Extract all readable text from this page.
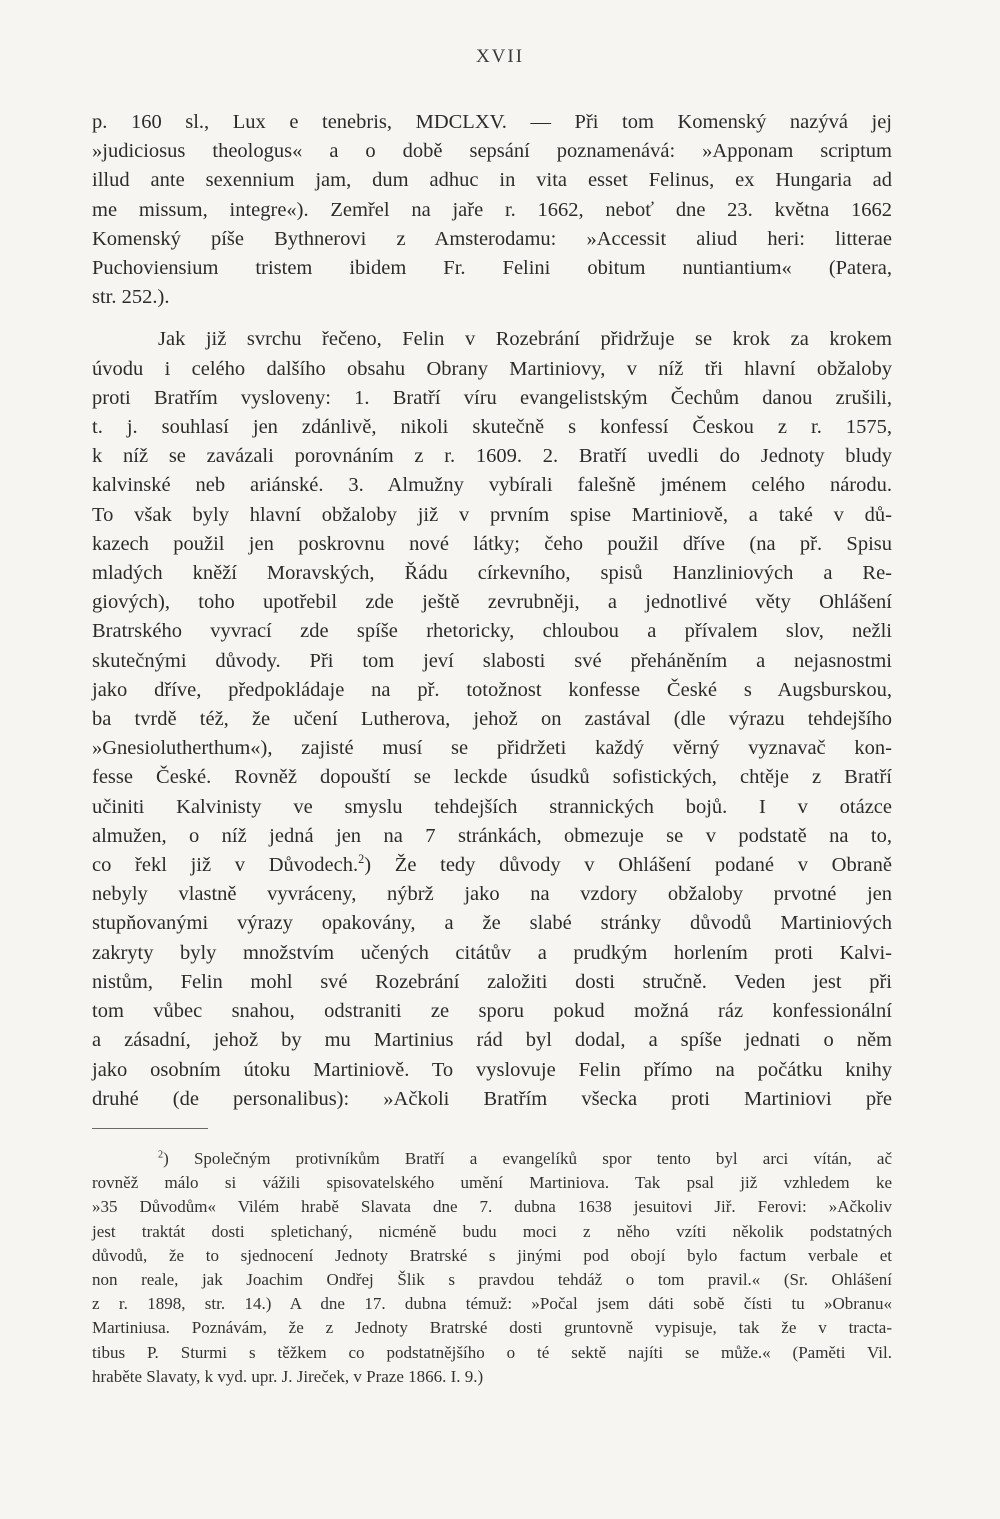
XVII
p. 160 sl., Lux e tenebris, MDCLXV. — Při tom Komenský nazývá jej
»judiciosus theologus« a o době sepsání poznamenává: »Apponam scriptum
illud ante sexennium jam, dum adhuc in vita esset Felinus, ex Hungaria ad
me missum, integre«). Zemřel na jaře r. 1662, neboť dne 23. května 1662
Komenský píše Bythnerovi z Amsterodamu: »Accessit aliud heri: litterae
Puchoviensium tristem ibidem Fr. Felini obitum nuntiantium« (Patera,
str. 252.).
Jak již svrchu řečeno, Felin v Rozebrání přidržuje se krok za krokem
úvodu i celého dalšího obsahu Obrany Martiniovy, v níž tři hlavní obžaloby
proti Bratřím vysloveny: 1. Bratří víru evangelistským Čechům danou zrušili,
t. j. souhlasí jen zdánlivě, nikoli skutečně s konfessí Českou z r. 1575,
k níž se zavázali porovnáním z r. 1609. 2. Bratří uvedli do Jednoty bludy
kalvinské neb ariánské. 3. Almužny vybírali falešně jménem celého národu.
To však byly hlavní obžaloby již v prvním spise Martiniově, a také v dů-
kazech použil jen poskrovnu nové látky; čeho použil dříve (na př. Spisu
mladých kněží Moravských, Řádu církevního, spisů Hanzliniových a Re-
giových), toho upotřebil zde ještě zevrubněji, a jednotlivé věty Ohlášení
Bratrského vyvrací zde spíše rhetoricky, chloubou a přívalem slov, nežli
skutečnými důvody. Při tom jeví slabosti své přeháněním a nejasnostmi
jako dříve, předpokládaje na př. totožnost konfesse České s Augsburskou,
ba tvrdě též, že učení Lutherova, jehož on zastával (dle výrazu tehdejšího
»Gnesiolutherthum«), zajisté musí se přidržeti každý věrný vyznavač kon-
fesse České. Rovněž dopouští se leckde úsudků sofistických, chtěje z Bratří
učiniti Kalvinisty ve smyslu tehdejších strannických bojů. I v otázce
almužen, o níž jedná jen na 7 stránkách, obmezuje se v podstatě na to,
co řekl již v Důvodech.$^2$) Že tedy důvody v Ohlášení podané v Obraně
nebyly vlastně vyvráceny, nýbrž jako na vzdory obžaloby prvotné jen
stupňovanými výrazy opakovány, a že slabé stránky důvodů Martiniových
zakryty byly množstvím učených citátův a prudkým horlením proti Kalvi-
nistům, Felin mohl své Rozebrání založiti dosti stručně. Veden jest při
tom vůbec snahou, odstraniti ze sporu pokud možná ráz konfessionální
a zásadní, jehož by mu Martinius rád byl dodal, a spíše jednati o něm
jako osobním útoku Martiniově. To vyslovuje Felin přímo na počátku knihy
druhé (de personalibus): »Ačkoli Bratřím všecka proti Martiniovi pře
$^2$) Společným protivníkům Bratří a evangelíků spor tento byl arci vítán, ač
rovněž málo si vážili spisovatelského umění Martiniova. Tak psal již vzhledem ke
»35 Důvodům« Vilém hrabě Slavata dne 7. dubna 1638 jesuitovi Jiř. Ferovi: »Ačkoliv
jest traktát dosti spletichaný, nicméně budu moci z něho vzíti několik podstatných
důvodů, že to sjednocení Jednoty Bratrské s jinými pod obojí bylo factum verbale et
non reale, jak Joachim Ondřej Šlik s pravdou tehdáž o tom pravil.« (Sr. Ohlášení
z r. 1898, str. 14.) A dne 17. dubna témuž: »Počal jsem dáti sobě čísti tu »Obranu«
Martiniusa. Poznávám, že z Jednoty Bratrské dosti gruntovně vypisuje, tak že v tracta-
tibus P. Sturmi s těžkem co podstatnějšího o té sektě najíti se může.« (Paměti Vil.
hraběte Slavaty, k vyd. upr. J. Jireček, v Praze 1866. I. 9.)
